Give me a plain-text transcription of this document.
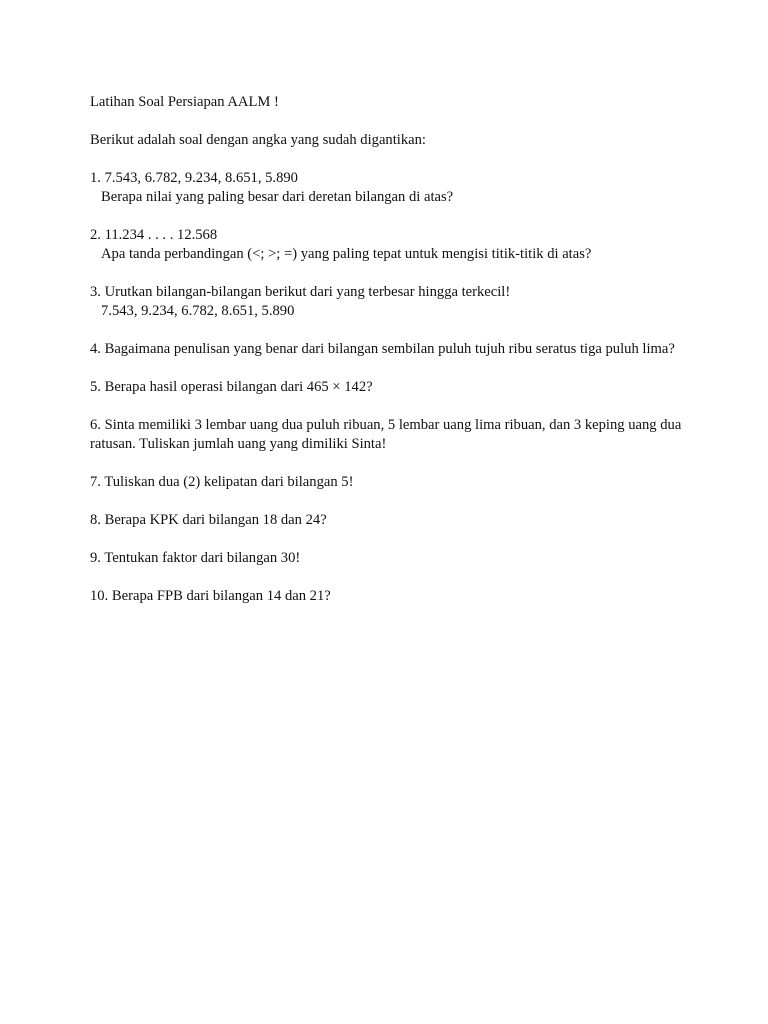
Latihan Soal Persiapan AALM !

Berikut adalah soal dengan angka yang sudah digantikan:

1. 7.543, 6.782, 9.234, 8.651, 5.890
Berapa nilai yang paling besar dari deretan bilangan di atas?
2. 11.234 . . . . 12.568
Apa tanda perbandingan (<; >; =) yang paling tepat untuk mengisi titik-titik di atas?
3. Urutkan bilangan-bilangan berikut dari yang terbesar hingga terkecil!
7.543, 9.234, 6.782, 8.651, 5.890
4. Bagaimana penulisan yang benar dari bilangan sembilan puluh tujuh ribu seratus tiga puluh lima?
5. Berapa hasil operasi bilangan dari 465 × 142?
6. Sinta memiliki 3 lembar uang dua puluh ribuan, 5 lembar uang lima ribuan, dan 3 keping uang dua ratusan. Tuliskan jumlah uang yang dimiliki Sinta!
7. Tuliskan dua (2) kelipatan dari bilangan 5!
8. Berapa KPK dari bilangan 18 dan 24?
9. Tentukan faktor dari bilangan 30!
10. Berapa FPB dari bilangan 14 dan 21?
